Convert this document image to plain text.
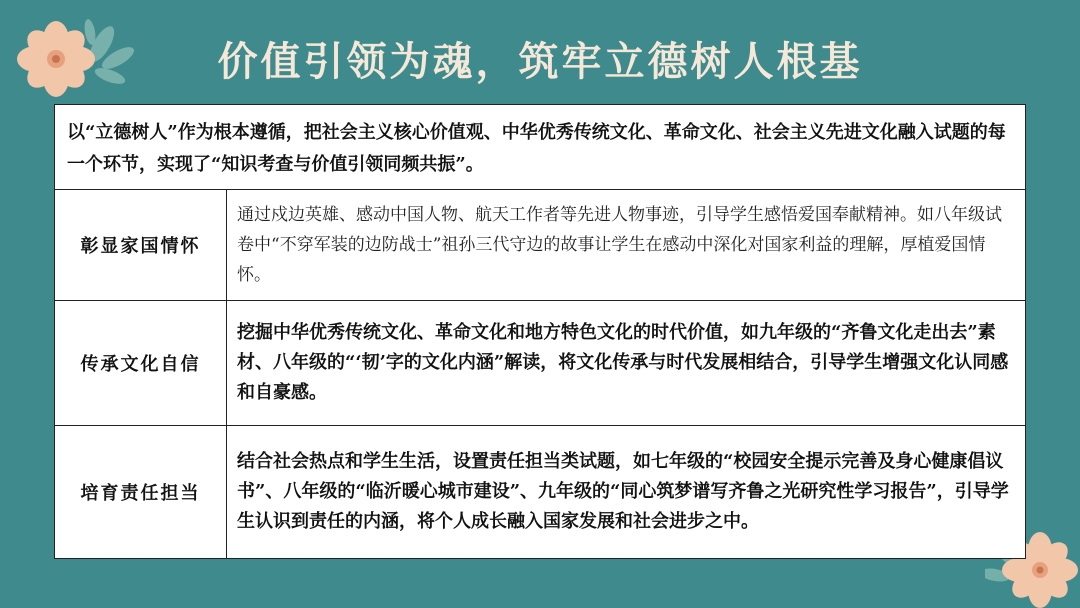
价值引领为魂，筑牢立德树人根基
以“立德树人”作为根本遵循，把社会主义核心价值观、中华优秀传统文化、革命文化、社会主义先进文化融入试题的每一个环节，实现了“知识考查与价值引领同频共振”。
彰显家国情怀
通过戍边英雄、感动中国人物、航天工作者等先进人物事迹，引导学生感悟爱国奉献精神。如八年级试卷中“不穿军装的边防战士”祖孙三代守边的故事让学生在感动中深化对国家利益的理解，厚植爱国情怀。
传承文化自信
挖掘中华优秀传统文化、革命文化和地方特色文化的时代价值，如九年级的“齐鲁文化走出去”素材、八年级的“‘韧’字的文化内涵”解读，将文化传承与时代发展相结合，引导学生增强文化认同感和自豪感。
培育责任担当
结合社会热点和学生生活，设置责任担当类试题，如七年级的“校园安全提示完善及身心健康倡议书”、八年级的“临沂暖心城市建设”、九年级的“同心筑梦谱写齐鲁之光研究性学习报告”，引导学生认识到责任的内涵，将个人成长融入国家发展和社会进步之中。
